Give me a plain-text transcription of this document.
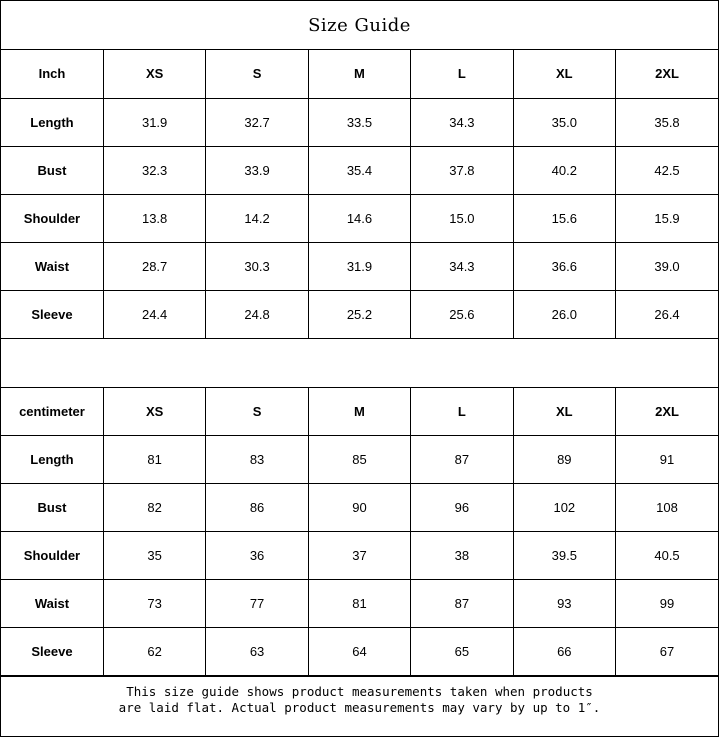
Size Guide
Inch	XS	S	M	L	XL	2XL
Length	31.9	32.7	33.5	34.3	35.0	35.8
Bust	32.3	33.9	35.4	37.8	40.2	42.5
Shoulder	13.8	14.2	14.6	15.0	15.6	15.9
Waist	28.7	30.3	31.9	34.3	36.6	39.0
Sleeve	24.4	24.8	25.2	25.6	26.0	26.4
centimeter	XS	S	M	L	XL	2XL
Length	81	83	85	87	89	91
Bust	82	86	90	96	102	108
Shoulder	35	36	37	38	39.5	40.5
Waist	73	77	81	87	93	99
Sleeve	62	63	64	65	66	67
This size guide shows product measurements taken when products
are laid flat. Actual product measurements may vary by up to 1″.
